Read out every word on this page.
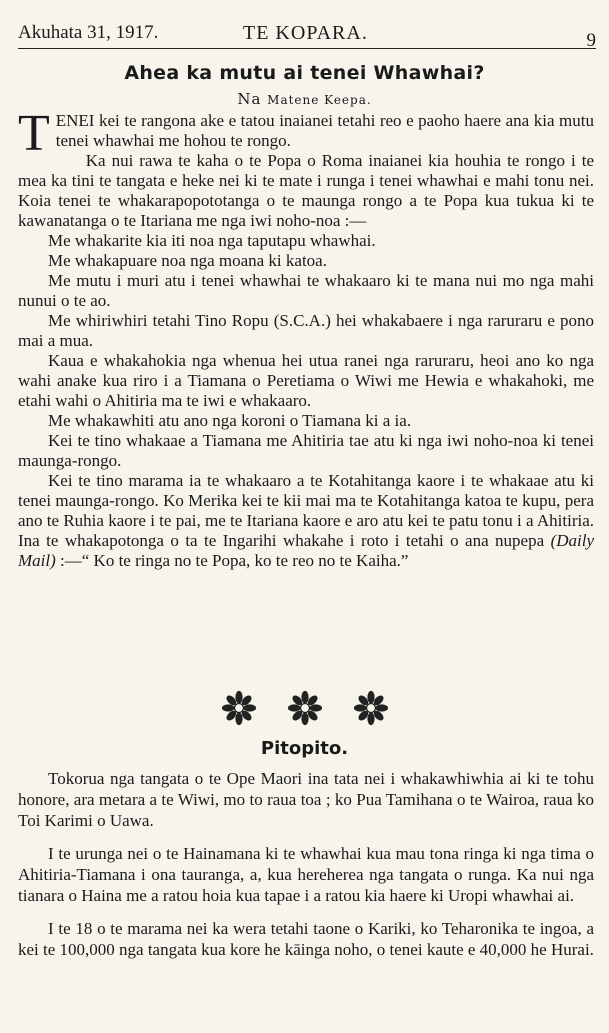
Akuhata 31, 1917.	TE KOPARA.	9
Ahea ka mutu ai tenei Whawhai?
Na Matene Keepa.

TENEI kei te rangona ake e tatou inaianei tetahi reo e paoho haere ana kia mutu tenei whawhai me hohou te rongo.

Ka nui rawa te kaha o te Popa o Roma inaianei kia houhia te rongo i te mea ka tini te tangata e heke nei ki te mate i runga i tenei whawhai e mahi tonu nei. Koia tenei te whakarapopototanga o te maunga rongo a te Popa kua tukua ki te kawanatanga o te Itariana me nga iwi noho-noa :—

Me whakarite kia iti noa nga taputapu whawhai.

Me whakapuare noa nga moana ki katoa.

Me mutu i muri atu i tenei whawhai te whakaaro ki te mana nui mo nga mahi nunui o te ao.

Me whiriwhiri tetahi Tino Ropu (S.C.A.) hei whakabaere i nga raruraru e pono mai a mua.

Kaua e whakahokia nga whenua hei utua ranei nga raruraru, heoi ano ko nga wahi anake kua riro i a Tiamana o Peretiama o Wiwi me Hewia e whakahoki, me etahi wahi o Ahitiria ma te iwi e whakaaro.

Me whakawhiti atu ano nga koroni o Tiamana ki a ia.

Kei te tino whakaae a Tiamana me Ahitiria tae atu ki nga iwi noho-noa ki tenei maunga-rongo.

Kei te tino marama ia te whakaaro a te Kotahitanga kaore i te whakaae atu ki tenei maunga-rongo. Ko Merika kei te kii mai ma te Kotahitanga katoa te kupu, pera ano te Ruhia kaore i te pai, me te Itariana kaore e aro atu kei te patu tonu i a Ahitiria. Ina te whakapotonga o ta te Ingarihi whakahe i roto i tetahi o ana nupepa (Daily Mail) :—“ Ko te ringa no te Popa, ko te reo no te Kaiha.”

Pitopito.

Tokorua nga tangata o te Ope Maori ina tata nei i whakawhiwhia ai ki te tohu honore, ara metara a te Wiwi, mo to raua toa ; ko Pua Tamihana o te Wairoa, raua ko Toi Karimi o Uawa.

I te urunga nei o te Hainamana ki te whawhai kua mau tona ringa ki nga tima o Ahitiria-Tiamana i ona tauranga, a, kua hereherea nga tangata o runga. Ka nui nga tianara o Haina me a ratou hoia kua tapae i a ratou kia haere ki Uropi whawhai ai.

I te 18 o te marama nei ka wera tetahi taone o Kariki, ko Teharonika te ingoa, a kei te 100,000 nga tangata kua kore he kāinga noho, o tenei kaute e 40,000 he Hurai.
